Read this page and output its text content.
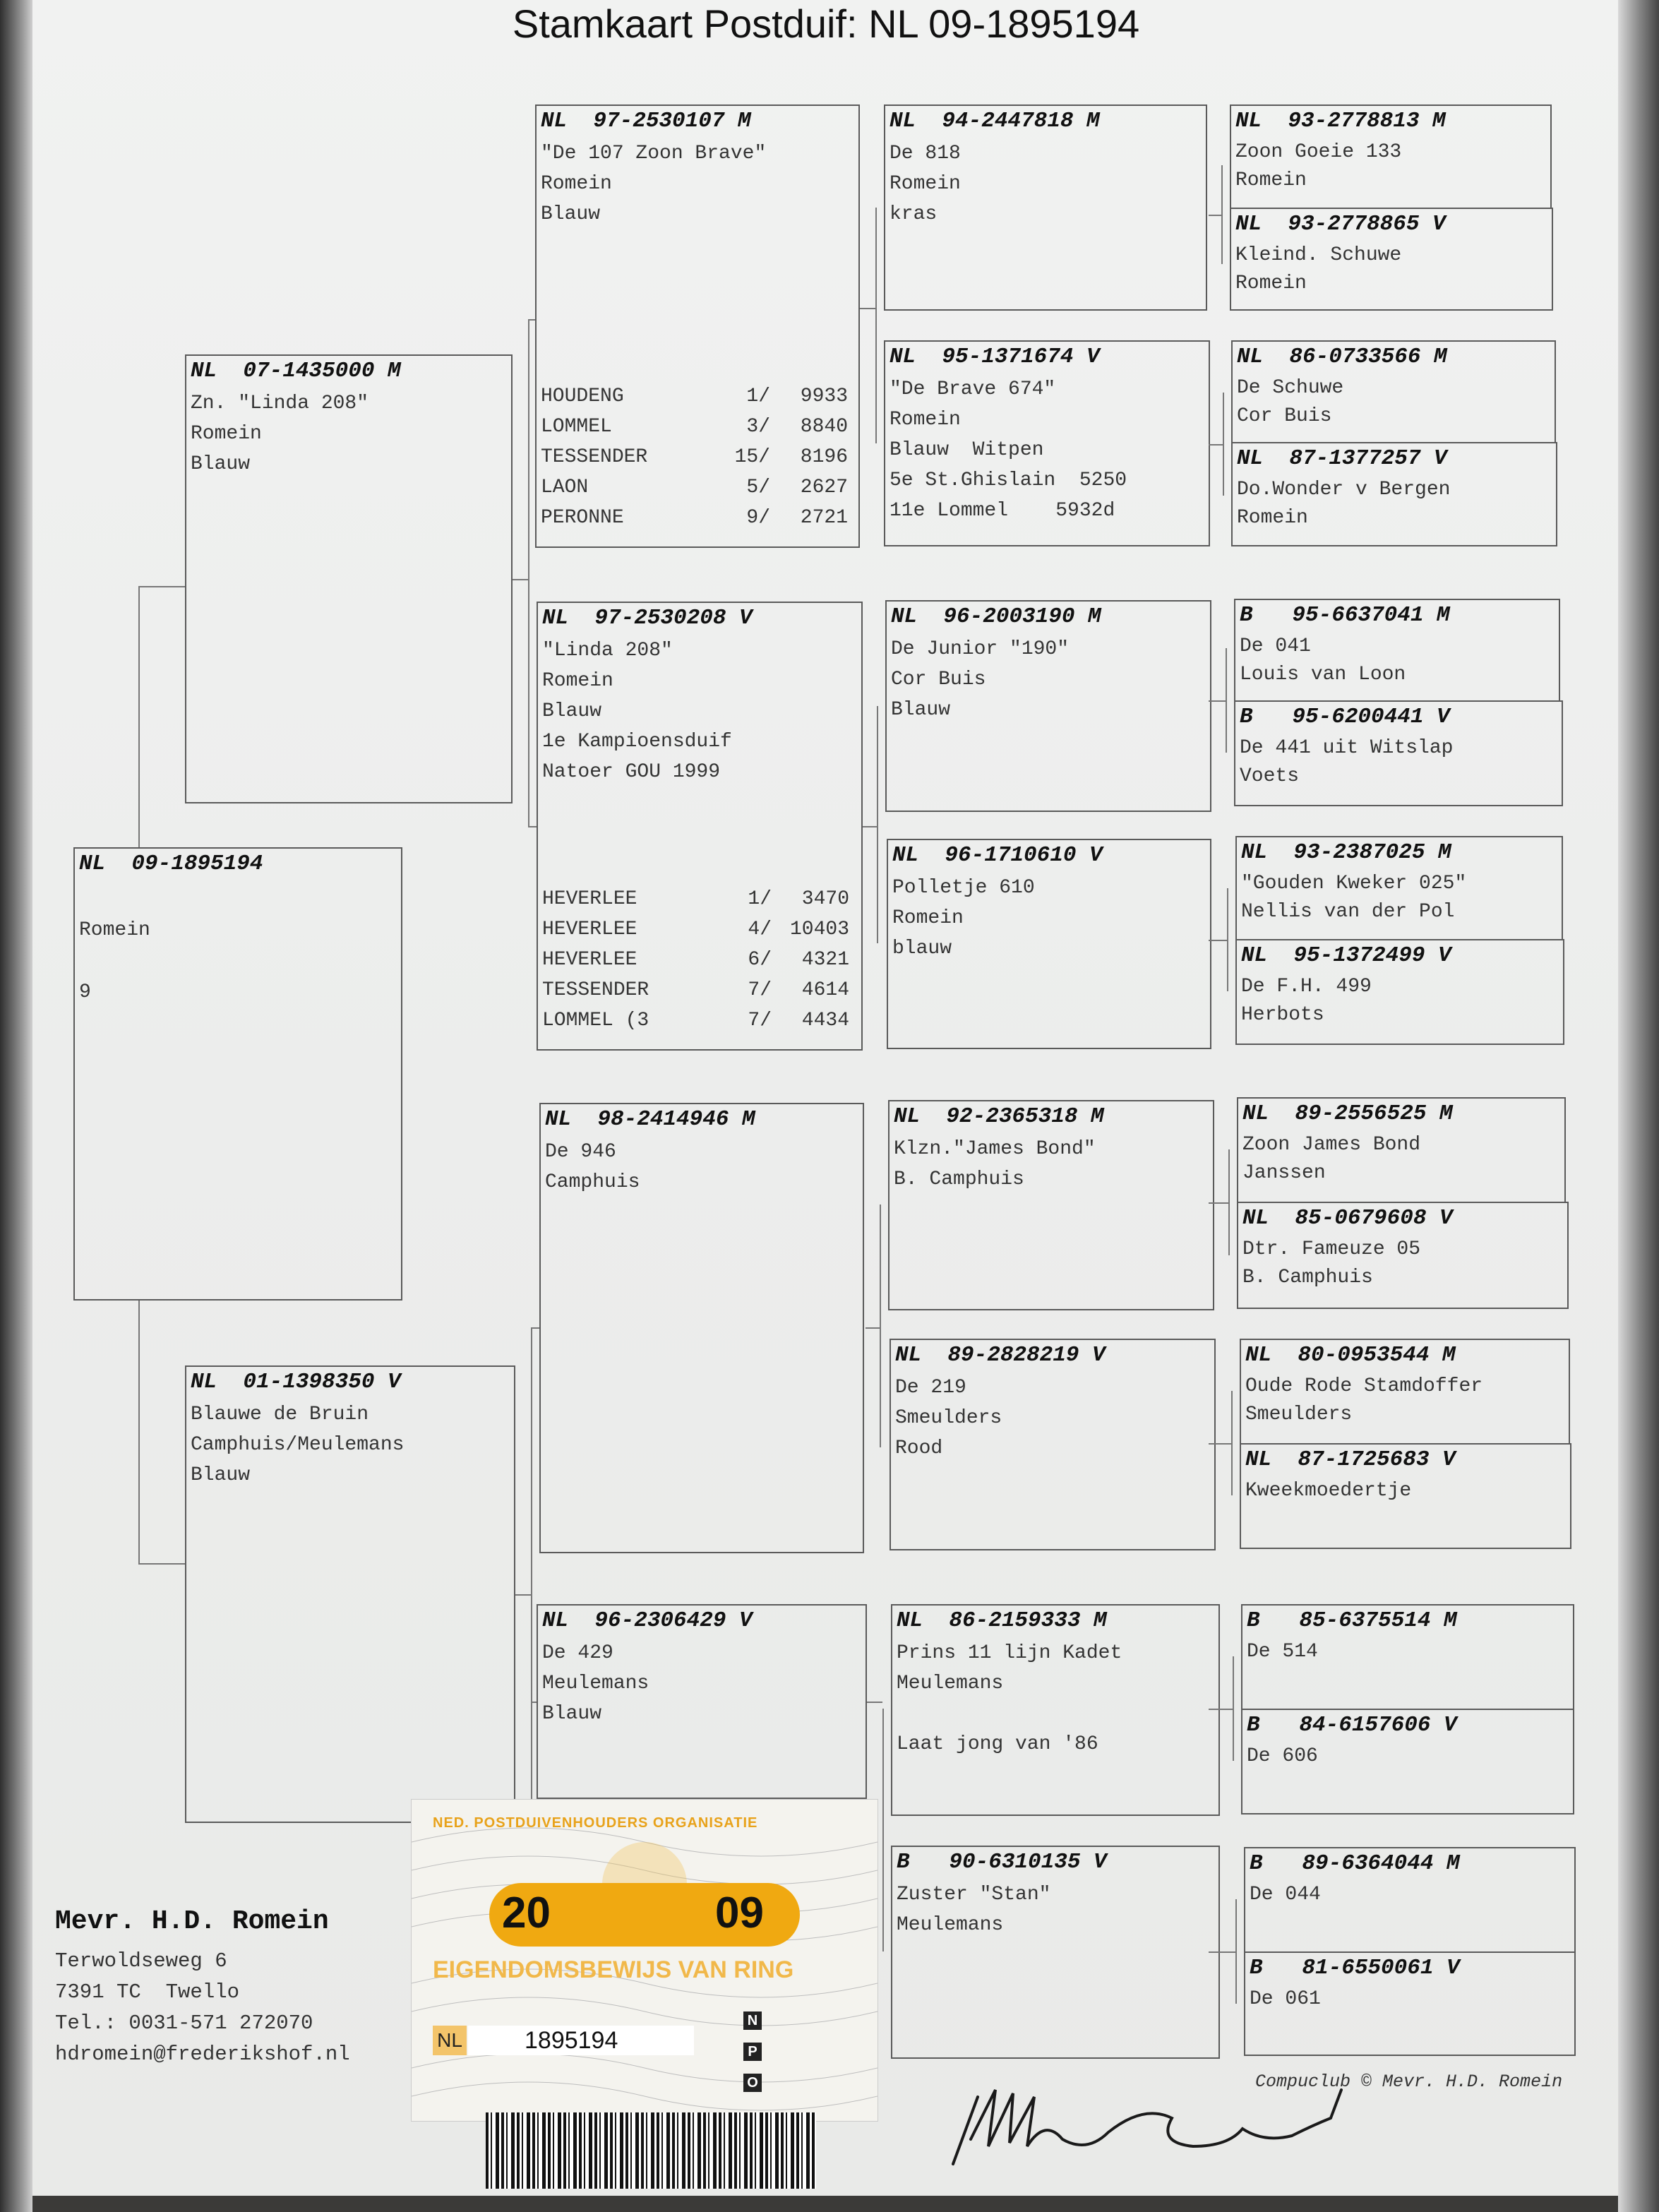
Stamkaart Postduif: NL 09-1895194
NL  09-1895194
Romein
9
NL  07-1435000 M
Zn. "Linda 208"
Romein
Blauw
NL  01-1398350 V
Blauwe de Bruin
Camphuis/Meulemans
Blauw
NL  97-2530107 M
"De 107 Zoon Brave"
Romein
Blauw
HOUDENG	1/ 9933
LOMMEL	3/ 8840
TESSENDER	15/ 8196
LAON	5/ 2627
PERONNE	9/ 2721
NL  97-2530208 V
"Linda 208"
Romein
Blauw
1e Kampioensduif
Natoer GOU 1999
HEVERLEE	1/ 3470
HEVERLEE	4/ 10403
HEVERLEE	6/ 4321
TESSENDER	7/ 4614
LOMMEL (3	7/ 4434
NL  98-2414946 M
De 946
Camphuis
NL  96-2306429 V
De 429
Meulemans
Blauw
NL  94-2447818 M
De 818
Romein
kras
NL  95-1371674 V
"De Brave 674"
Romein
Blauw  Witpen
5e St.Ghislain  5250
11e Lommel    5932d
NL  96-2003190 M
De Junior "190"
Cor Buis
Blauw
NL  96-1710610 V
Polletje 610
Romein
blauw
NL  92-2365318 M
Klzn."James Bond"
B. Camphuis
NL  89-2828219 V
De 219
Smeulders
Rood
NL  86-2159333 M
Prins 11 lijn Kadet
Meulemans
Laat jong van '86
B   90-6310135 V
Zuster "Stan"
Meulemans
NL  93-2778813 M
Zoon Goeie 133
Romein
NL  93-2778865 V
Kleind. Schuwe
Romein
NL  86-0733566 M
De Schuwe
Cor Buis
NL  87-1377257 V
Do.Wonder v Bergen
Romein
B   95-6637041 M
De 041
Louis van Loon
B   95-6200441 V
De 441 uit Witslap
Voets
NL  93-2387025 M
"Gouden Kweker 025"
Nellis van der Pol
NL  95-1372499 V
De F.H. 499
Herbots
NL  89-2556525 M
Zoon James Bond
Janssen
NL  85-0679608 V
Dtr. Fameuze 05
B. Camphuis
NL  80-0953544 M
Oude Rode Stamdoffer
Smeulders
NL  87-1725683 V
Kweekmoedertje
B   85-6375514 M
De 514
B   84-6157606 V
De 606
B   89-6364044 M
De 044
B   81-6550061 V
De 061
Mevr. H.D. Romein
Terwoldseweg 6
7391 TC  Twello
Tel.: 0031-571 272070
hdromein@frederikshof.nl
NED. POSTDUIVENHOUDERS ORGANISATIE
20	09
EIGENDOMSBEWIJS VAN RING
NL	1895194
N
P
O	Compuclub © Mevr. H.D. Romein
